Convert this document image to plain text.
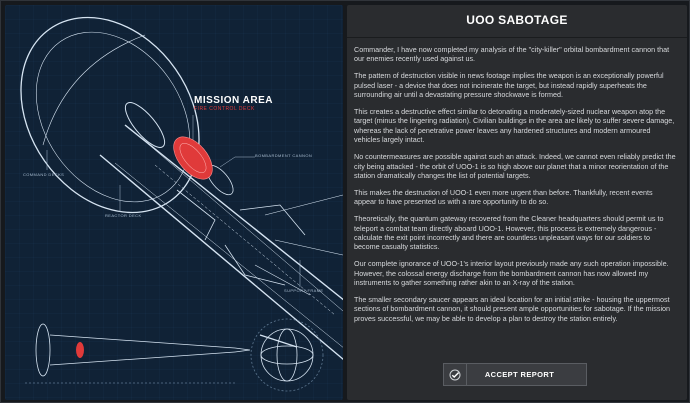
MISSION AREA
FIRE CONTROL DECK
BOMBARDMENT CANNON
COMMAND DECKS
REACTOR DECK
SUPPORT FRAME
UOO SABOTAGE

Commander, I have now completed my analysis of the "city-killer" orbital bombardment cannon that our enemies recently used against us.

The pattern of destruction visible in news footage implies the weapon is an exceptionally powerful pulsed laser - a device that does not incinerate the target, but instead rapidly superheats the surrounding air until a devastating pressure shockwave is formed.

This creates a destructive effect similar to detonating a moderately-sized nuclear weapon atop the target (minus the lingering radiation). Civilian buildings in the area are likely to suffer severe damage, whereas the lack of penetrative power leaves any hardened structures and modern armoured vehicles largely intact.

No countermeasures are possible against such an attack. Indeed, we cannot even reliably predict the city being attacked - the orbit of UOO-1 is so high above our planet that a minor reorientation of the station dramatically changes the list of potential targets.

This makes the destruction of UOO-1 even more urgent than before. Thankfully, recent events appear to have presented us with a rare opportunity to do so.

Theoretically, the quantum gateway recovered from the Cleaner headquarters should permit us to teleport a combat team directly aboard UOO-1. However, this process is extremely dangerous - calculate the exit point incorrectly and there are countless unpleasant ways for our soldiers to become casualty statistics.

Our complete ignorance of UOO-1's interior layout previously made any such operation impossible. However, the colossal energy discharge from the bombardment cannon has now allowed my instruments to gather something rather akin to an X-ray of the station.

The smaller secondary saucer appears an ideal location for an initial strike - housing the uppermost sections of bombardment cannon, it should present ample opportunities for sabotage. If the mission proves successful, we may be able to develop a plan to destroy the station entirely.

ACCEPT REPORT
